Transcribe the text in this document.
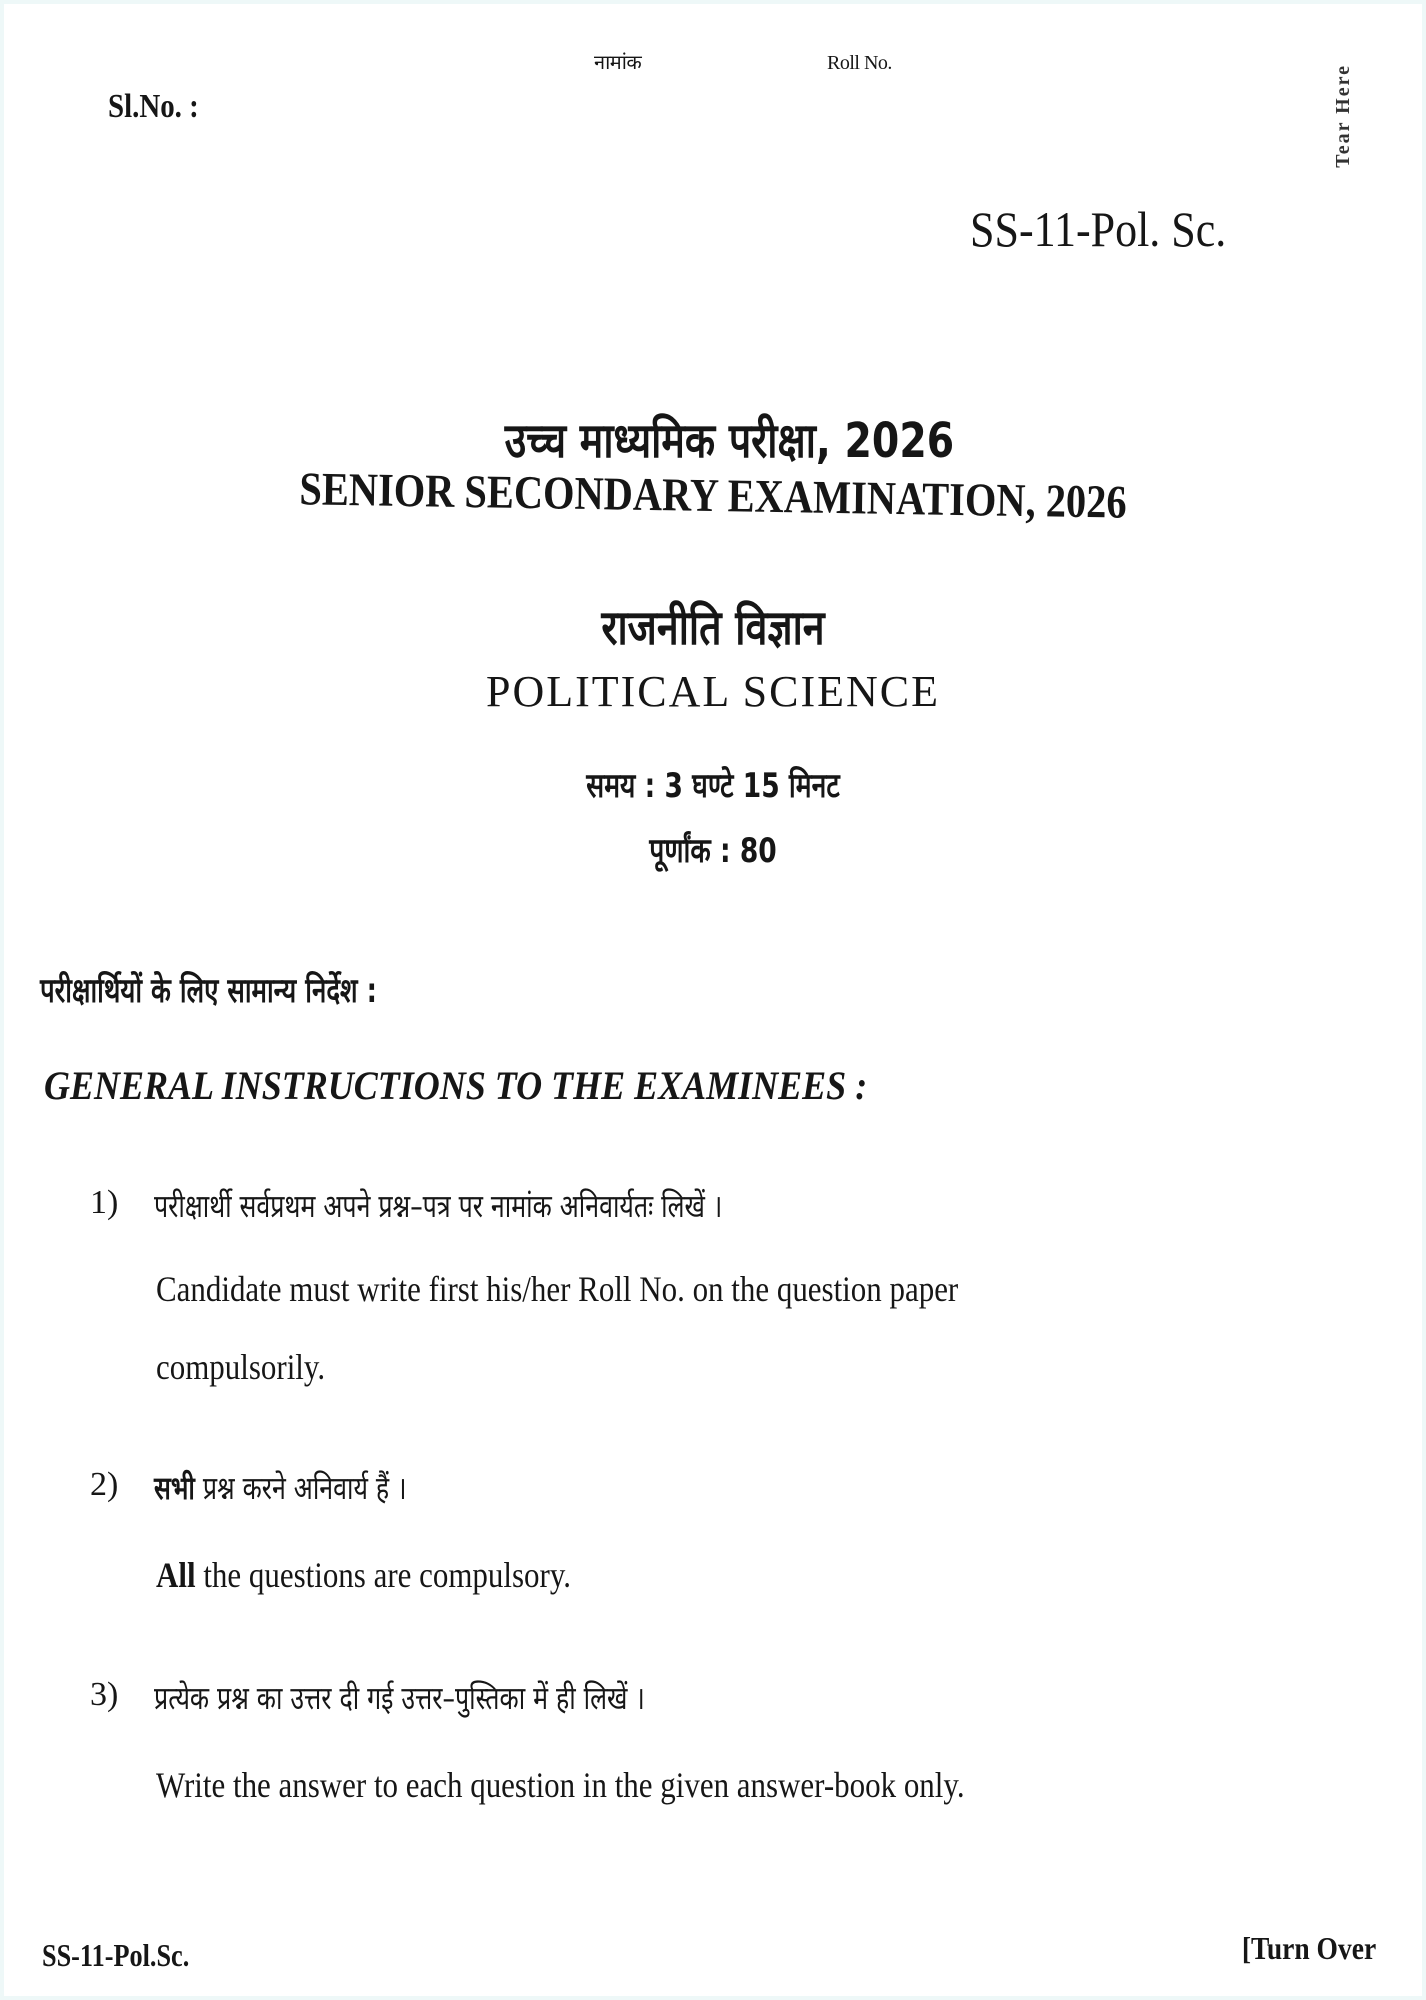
नामांक	Roll No.
Sl.No. :	Tear Here
SS-11-Pol. Sc.
उच्च माध्यमिक परीक्षा, 2026
SENIOR SECONDARY EXAMINATION, 2026
राजनीति विज्ञान
POLITICAL SCIENCE
समय : 3 घण्टे 15 मिनट
पूर्णांक : 80
परीक्षार्थियों के लिए सामान्य निर्देश :
GENERAL INSTRUCTIONS TO THE EXAMINEES :
1) परीक्षार्थी सर्वप्रथम अपने प्रश्न–पत्र पर नामांक अनिवार्यतः लिखें ।
Candidate must write first his/her Roll No. on the question paper
compulsorily.
2) सभी प्रश्न करने अनिवार्य हैं ।
All the questions are compulsory.
3) प्रत्येक प्रश्न का उत्तर दी गई उत्तर–पुस्तिका में ही लिखें ।
Write the answer to each question in the given answer-book only.
SS-11-Pol.Sc.	[Turn Over
